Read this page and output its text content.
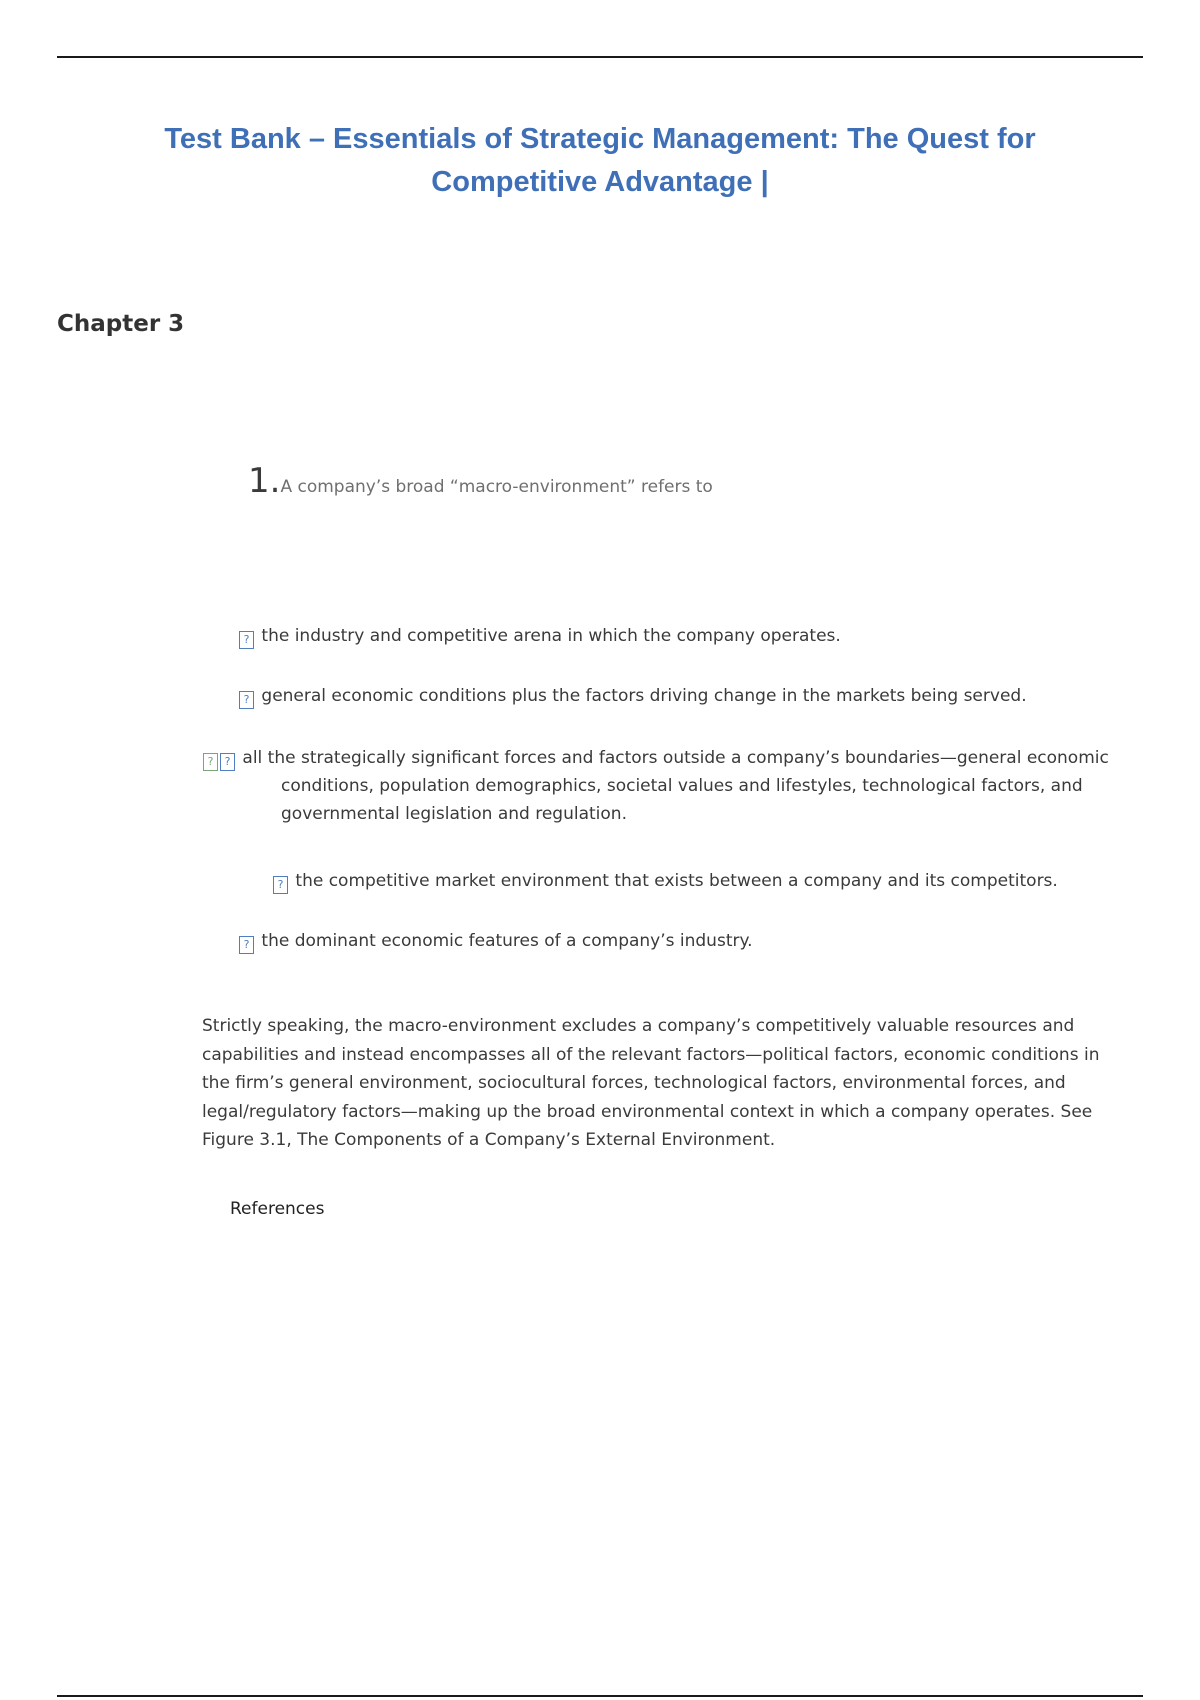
Test Bank – Essentials of Strategic Management: The Quest for
Competitive Advantage |
Chapter 3
1.A company’s broad “macro-environment” refers to
? the industry and competitive arena in which the company operates.
? general economic conditions plus the factors driving change in the markets being served.
? ? all the strategically significant forces and factors outside a company’s boundaries—general economic
conditions, population demographics, societal values and lifestyles, technological factors, and governmental legislation and regulation.
? the competitive market environment that exists between a company and its competitors.
? the dominant economic features of a company’s industry.
Strictly speaking, the macro-environment excludes a company’s competitively valuable resources and capabilities and instead encompasses all of the relevant factors—political factors, economic conditions in the firm’s general environment, sociocultural forces, technological factors, environmental forces, and legal/regulatory factors—making up the broad environmental context in which a company operates. See Figure 3.1, The Components of a Company’s External Environment.
References
